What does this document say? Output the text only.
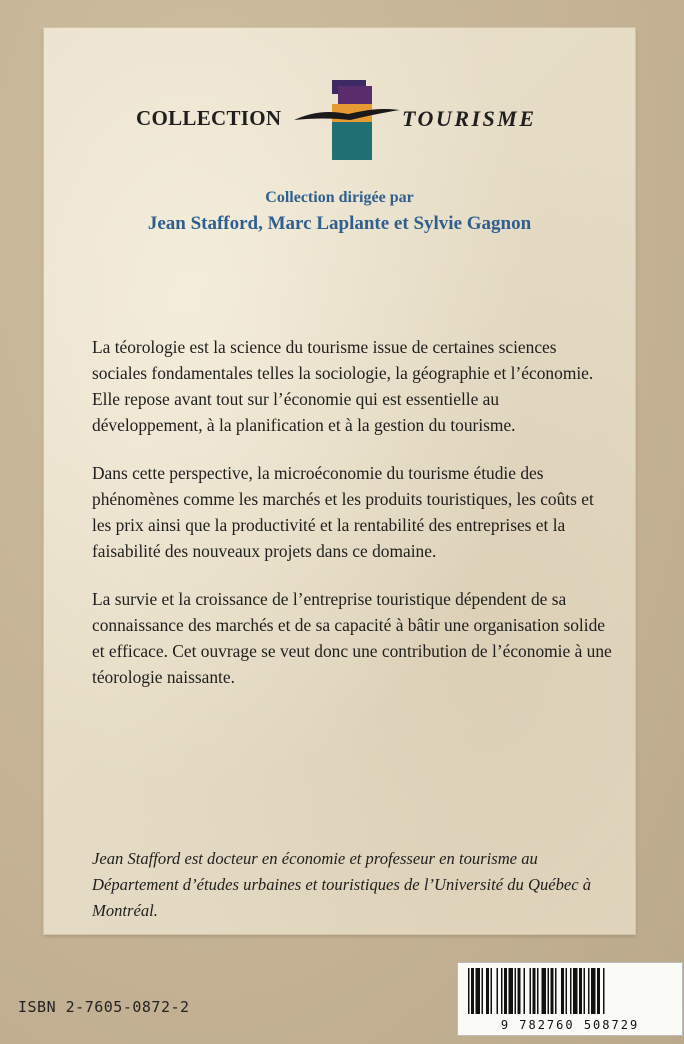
COLLECTION	TOURISME
Collection dirigée par
Jean Stafford, Marc Laplante et Sylvie Gagnon

La téorologie est la science du tourisme issue de certaines sciences sociales fondamentales telles la sociologie, la géographie et l’économie. Elle repose avant tout sur l’économie qui est essentielle au développement, à la planification et à la gestion du tourisme.

Dans cette perspective, la microéconomie du tourisme étudie des phénomènes comme les marchés et les produits touristiques, les coûts et les prix ainsi que la productivité et la rentabilité des entreprises et la faisabilité des nouveaux projets dans ce domaine.

La survie et la croissance de l’entreprise touristique dépendent de sa connaissance des marchés et de sa capacité à bâtir une organisation solide et efficace. Cet ouvrage se veut donc une contribution de l’économie à une téorologie naissante.

Jean Stafford est docteur en économie et professeur en tourisme au Département d’études urbaines et touristiques de l’Université du Québec à Montréal.
ISBN 2-7605-0872-2
9 782760 508729
